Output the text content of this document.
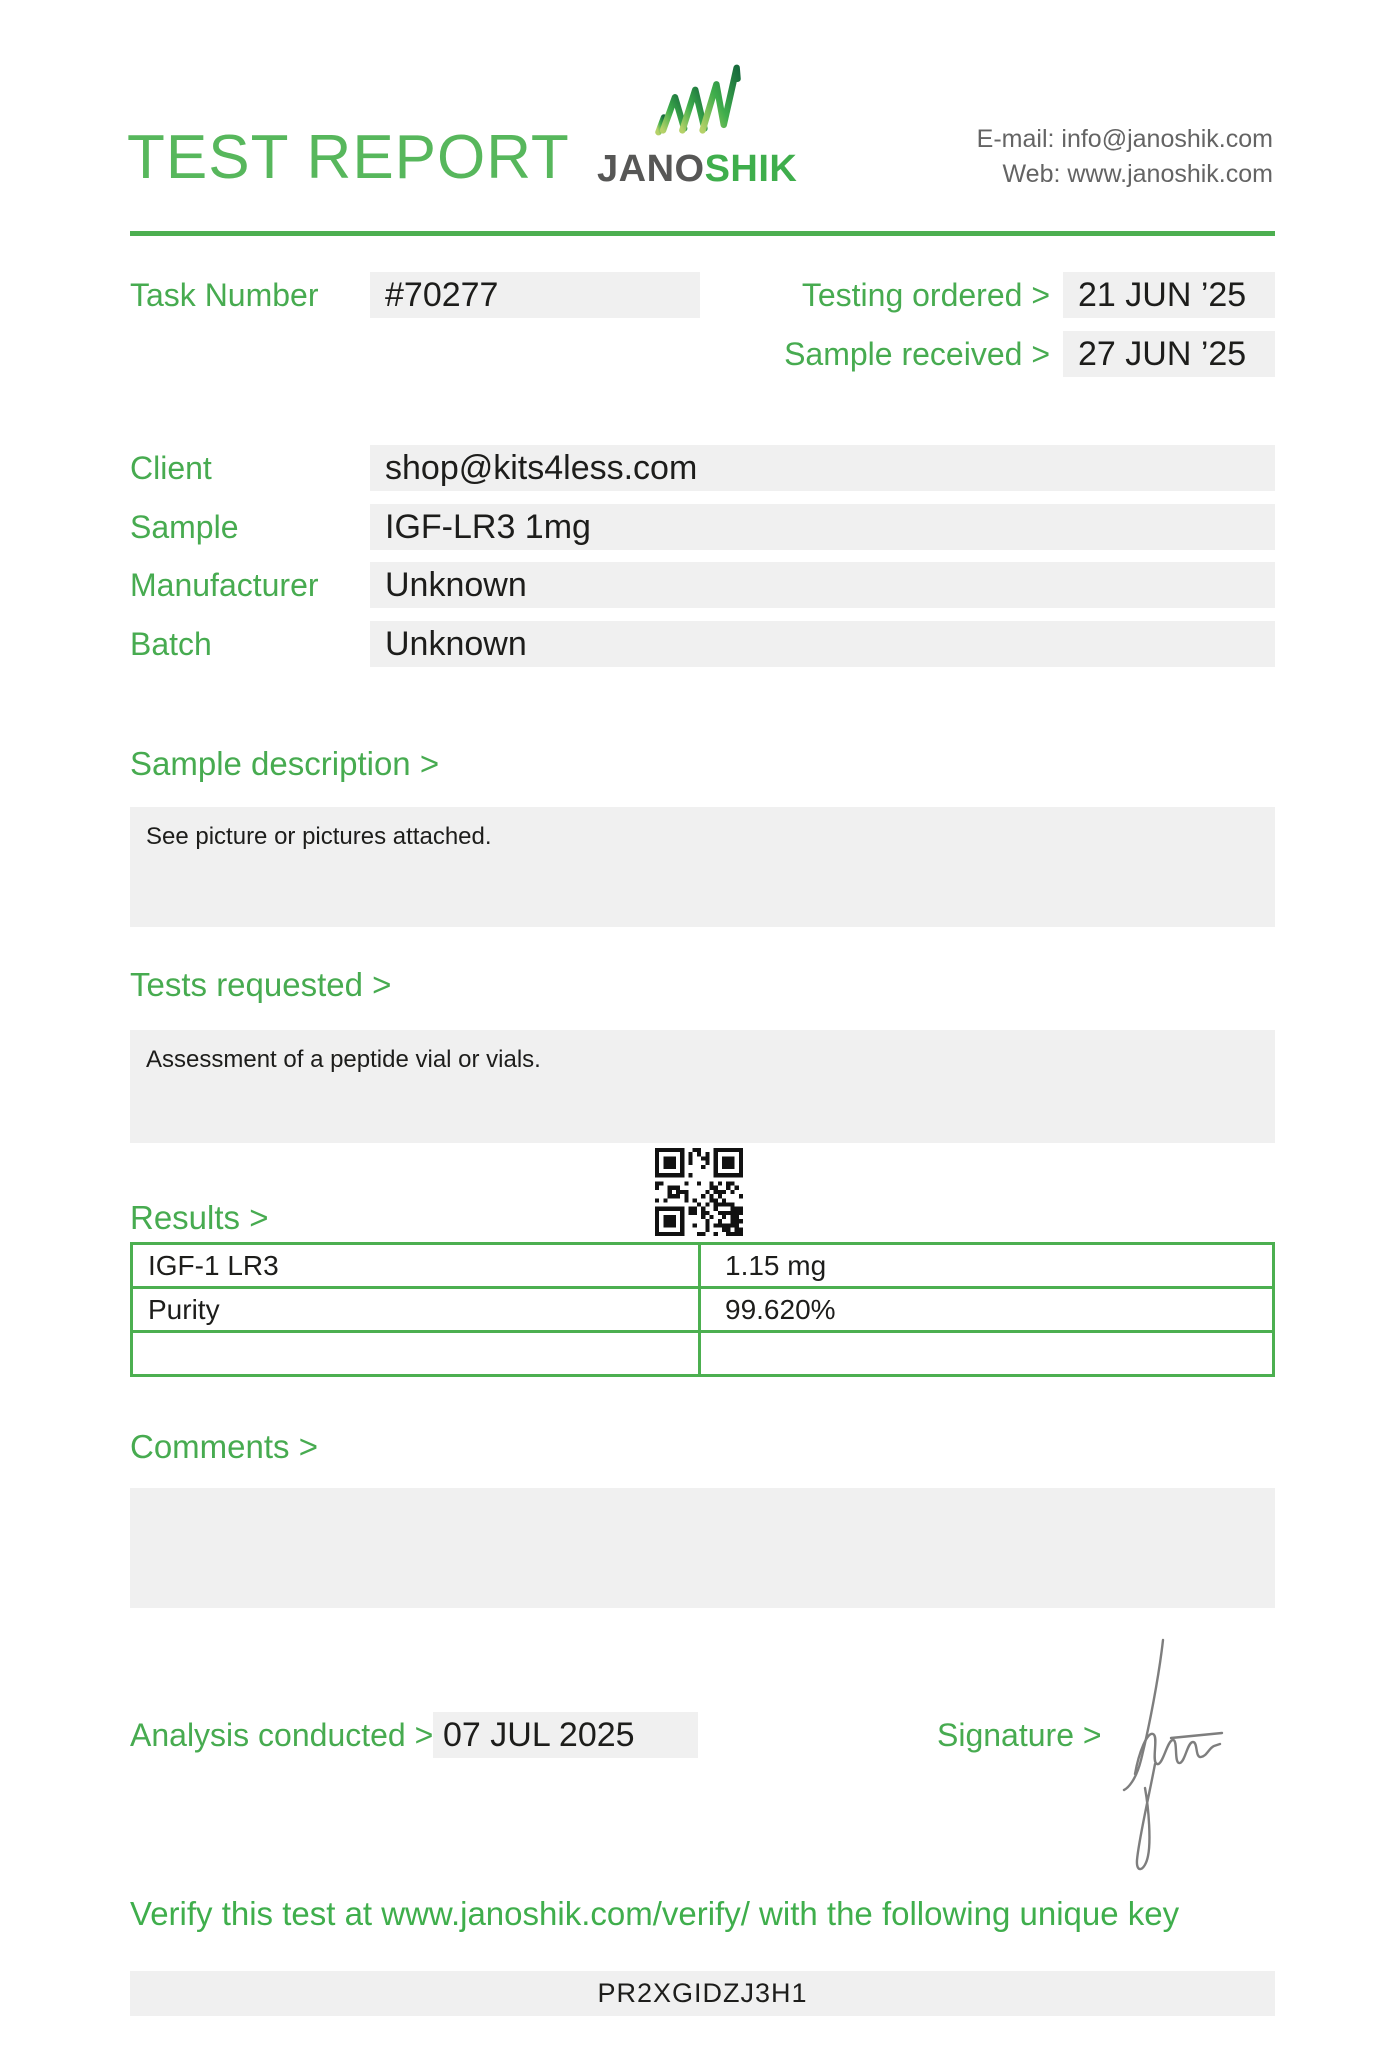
TEST REPORT JANOSHIK
E-mail: info@janoshik.com
Web: www.janoshik.com
Task Number	#70277	Testing ordered > 21 JUN ’25
Sample received > 27 JUN ’25
Client	shop@kits4less.com
Sample	IGF-LR3 1mg
Manufacturer	Unknown
Batch	Unknown
Sample description >
See picture or pictures attached.
Tests requested >
Assessment of a peptide vial or vials.
Results >
IGF-1 LR3	1.15 mg
Purity	99.620%

Comments >
Analysis conducted > 07 JUL 2025	Signature >
Verify this test at www.janoshik.com/verify/ with the following unique key
PR2XGIDZJ3H1
